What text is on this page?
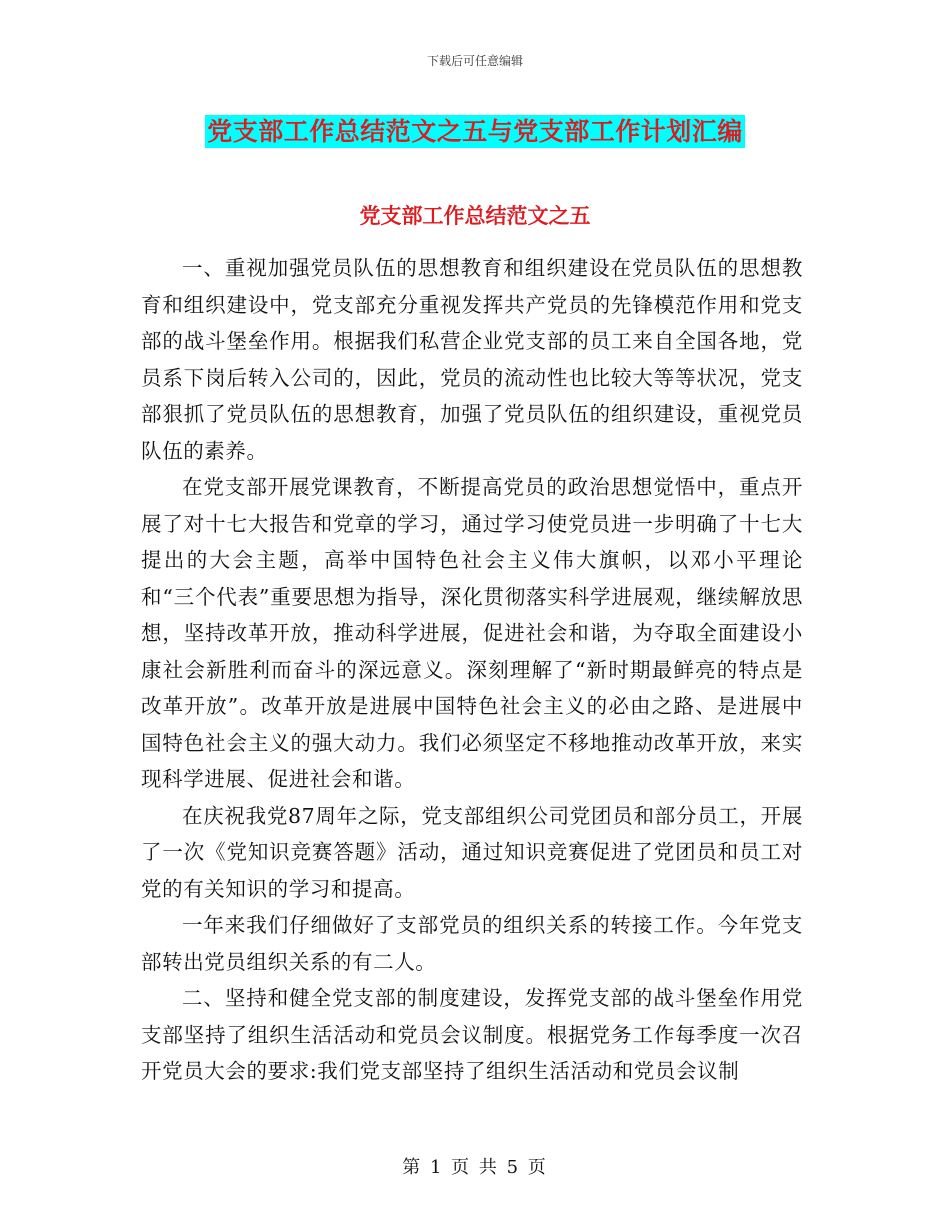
下载后可任意编辑
党支部工作总结范文之五与党支部工作计划汇编
党支部工作总结范文之五

一、重视加强党员队伍的思想教育和组织建设在党员队伍的思想教育和组织建设中，党支部充分重视发挥共产党员的先锋模范作用和党支部的战斗堡垒作用。根据我们私营企业党支部的员工来自全国各地，党员系下岗后转入公司的，因此，党员的流动性也比较大等等状况，党支部狠抓了党员队伍的思想教育，加强了党员队伍的组织建设，重视党员队伍的素养。

在党支部开展党课教育，不断提高党员的政治思想觉悟中，重点开展了对十七大报告和党章的学习，通过学习使党员进一步明确了十七大提出的大会主题，高举中国特色社会主义伟大旗帜，以邓小平理论和“三个代表”重要思想为指导，深化贯彻落实科学进展观，继续解放思想，坚持改革开放，推动科学进展，促进社会和谐，为夺取全面建设小康社会新胜利而奋斗的深远意义。深刻理解了“新时期最鲜亮的特点是改革开放”。改革开放是进展中国特色社会主义的必由之路、是进展中国特色社会主义的强大动力。我们必须坚定不移地推动改革开放，来实现科学进展、促进社会和谐。

在庆祝我党87周年之际，党支部组织公司党团员和部分员工，开展了一次《党知识竞赛答题》活动，通过知识竞赛促进了党团员和员工对党的有关知识的学习和提高。

一年来我们仔细做好了支部党员的组织关系的转接工作。今年党支部转出党员组织关系的有二人。

二、坚持和健全党支部的制度建设，发挥党支部的战斗堡垒作用党支部坚持了组织生活活动和党员会议制度。根据党务工作每季度一次召开党员大会的要求:我们党支部坚持了组织生活活动和党员会议制

第 1 页 共 5 页
